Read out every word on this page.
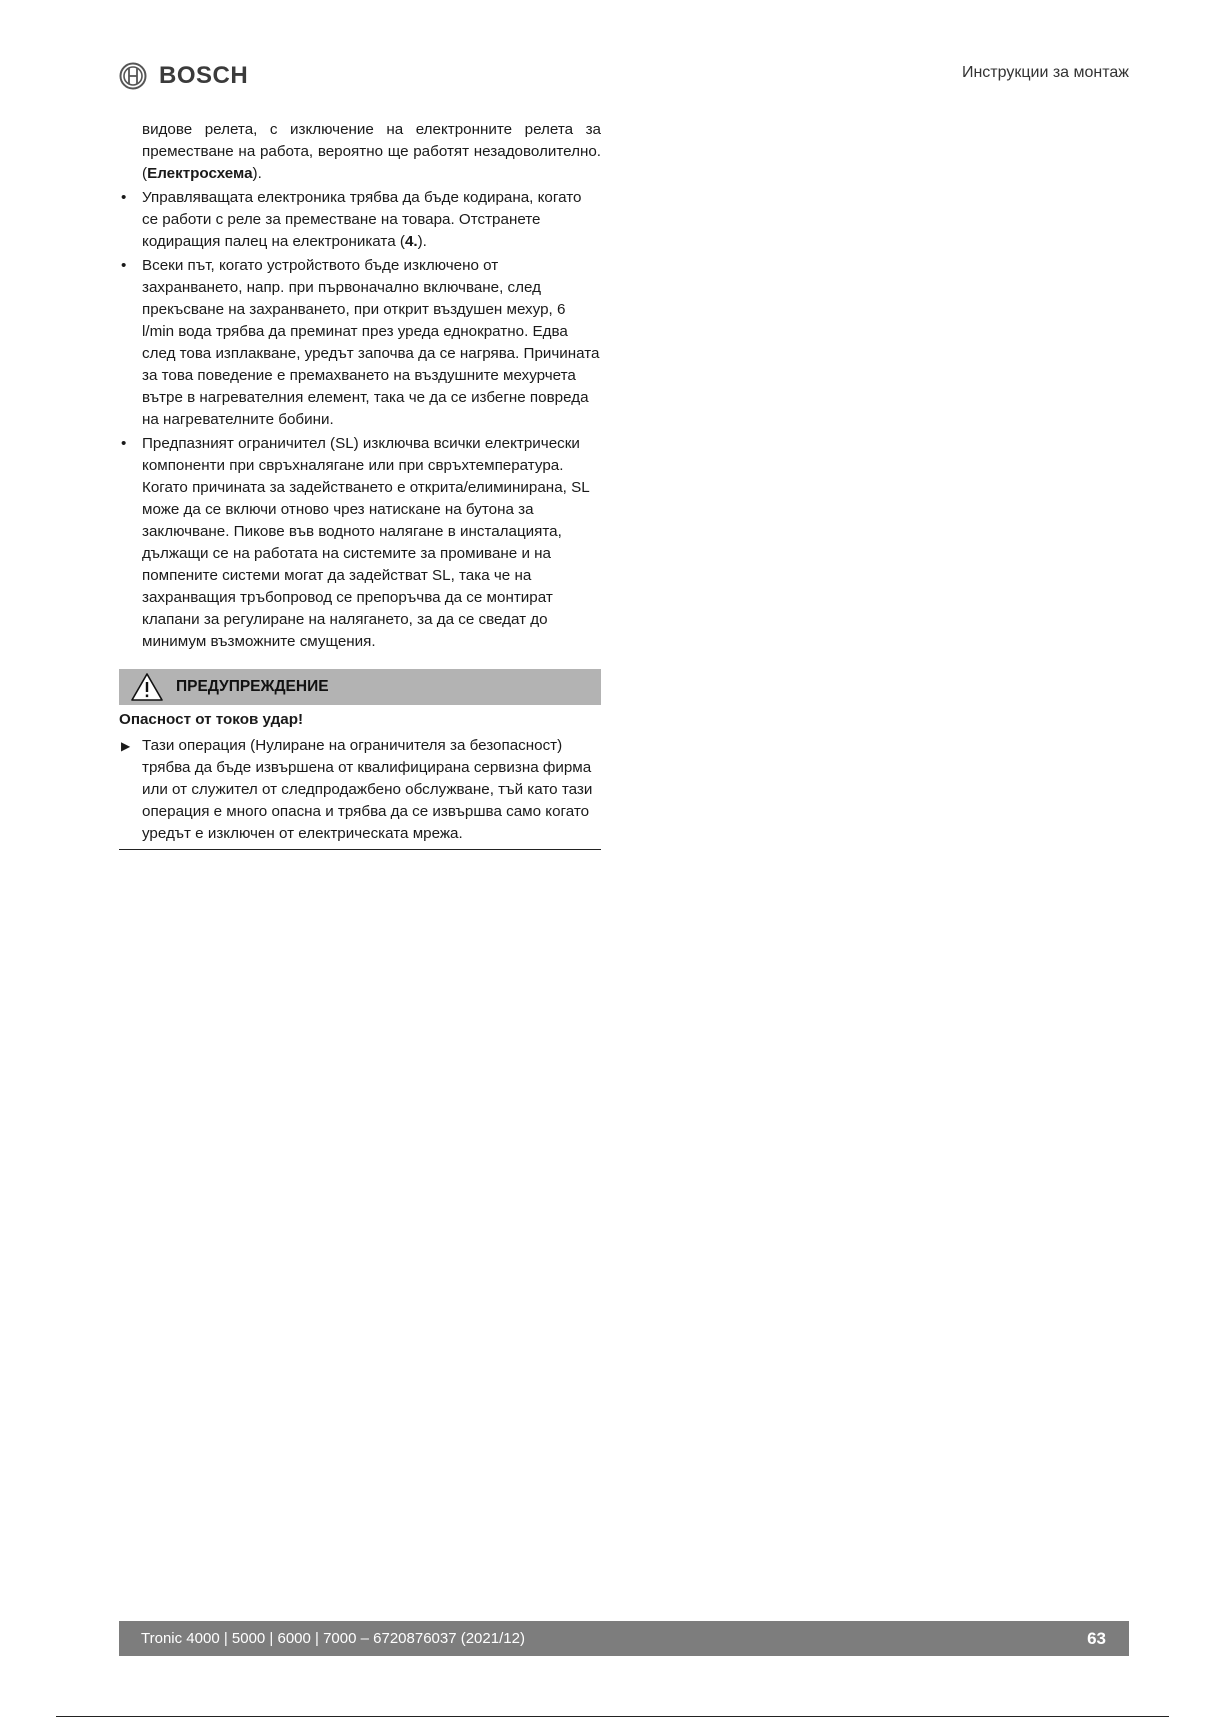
BOSCH	Инструкции за монтаж

видове релета, с изключение на електронните релета за преместване на работа, вероятно ще работят незадоволително. (Електросхема).

• Управляващата електроника трябва да бъде кодирана, когато се работи с реле за преместване на товара. Отстранете кодиращия палец на електрониката (4.).
• Всеки път, когато устройството бъде изключено от захранването, напр. при първоначално включване, след прекъсване на захранването, при открит въздушен мехур, 6 l/min вода трябва да преминат през уреда еднократно. Едва след това изплакване, уредът започва да се нагрява. Причината за това поведение е премахването на въздушните мехурчета вътре в нагревателния елемент, така че да се избегне повреда на нагревателните бобини.
• Предпазният ограничител (SL) изключва всички електрически компоненти при свръхналягане или при свръхтемпература. Когато причината за задействането е открита/елиминирана, SL може да се включи отново чрез натискане на бутона за заключване. Пикове във водното налягане в инсталацията, дължащи се на работата на системите за промиване и на помпените системи могат да задействат SL, така че на захранващия тръбопровод се препоръчва да се монтират клапани за регулиране на налягането, за да се сведат до минимум възможните смущения.
ПРЕДУПРЕЖДЕНИЕ
Опасност от токов удар!
▶ Тази операция (Нулиране на ограничителя за безопасност) трябва да бъде извършена от квалифицирана сервизна фирма или от служител от следпродажбено обслужване, тъй като тази операция е много опасна и трябва да се извършва само когато уредът е изключен от електрическата мрежа.
Tronic 4000 | 5000 | 6000 | 7000 – 6720876037 (2021/12)	63
